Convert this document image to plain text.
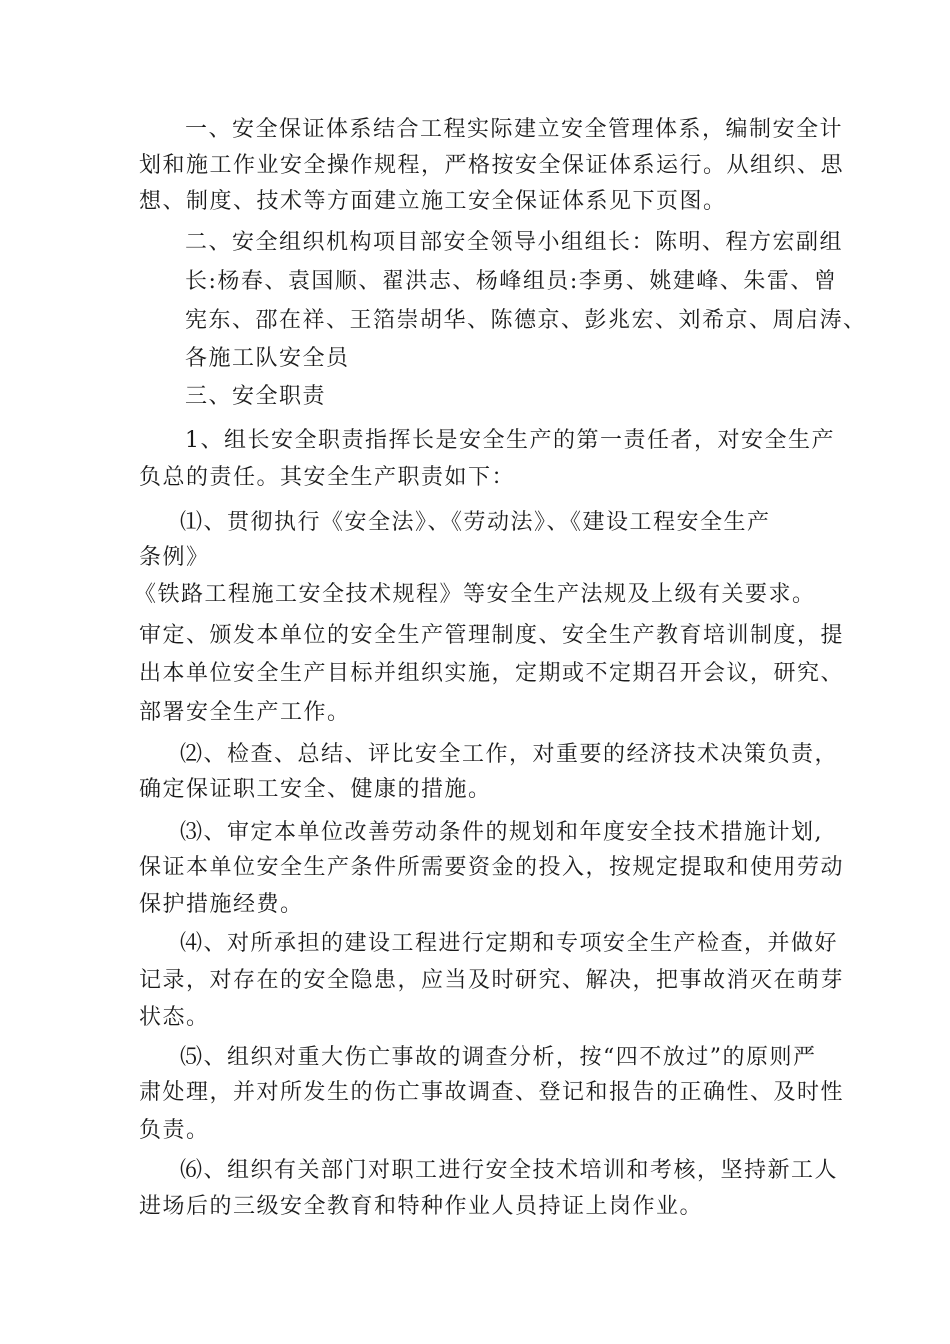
一、安全保证体系结合工程实际建立安全管理体系，编制安全计
划和施工作业安全操作规程，严格按安全保证体系运行。从组织、思
想、制度、技术等方面建立施工安全保证体系见下页图。
二、安全组织机构项目部安全领导小组组长：陈明、程方宏副组
长:杨春、袁国顺、翟洪志、杨峰组员:李勇、姚建峰、朱雷、曾
宪东、邵在祥、王箔崇胡华、陈德京、彭兆宏、刘希京、周启涛、
各施工队安全员
三、安全职责
1、组长安全职责指挥长是安全生产的第一责任者，对安全生产
负总的责任。其安全生产职责如下：
⑴、贯彻执行《安全法》、《劳动法》、《建设工程安全生产
条例》
《铁路工程施工安全技术规程》等安全生产法规及上级有关要求。
审定、颁发本单位的安全生产管理制度、安全生产教育培训制度，提
出本单位安全生产目标并组织实施，定期或不定期召开会议，研究、
部署安全生产工作。
⑵、检查、总结、评比安全工作，对重要的经济技术决策负责，
确定保证职工安全、健康的措施。
⑶、审定本单位改善劳动条件的规划和年度安全技术措施计划,
保证本单位安全生产条件所需要资金的投入，按规定提取和使用劳动
保护措施经费。
⑷、对所承担的建设工程进行定期和专项安全生产检查，并做好
记录，对存在的安全隐患，应当及时研究、解决，把事故消灭在萌芽
状态。
⑸、组织对重大伤亡事故的调查分析，按“四不放过”的原则严
肃处理，并对所发生的伤亡事故调查、登记和报告的正确性、及时性
负责。
⑹、组织有关部门对职工进行安全技术培训和考核，坚持新工人
进场后的三级安全教育和特种作业人员持证上岗作业。
